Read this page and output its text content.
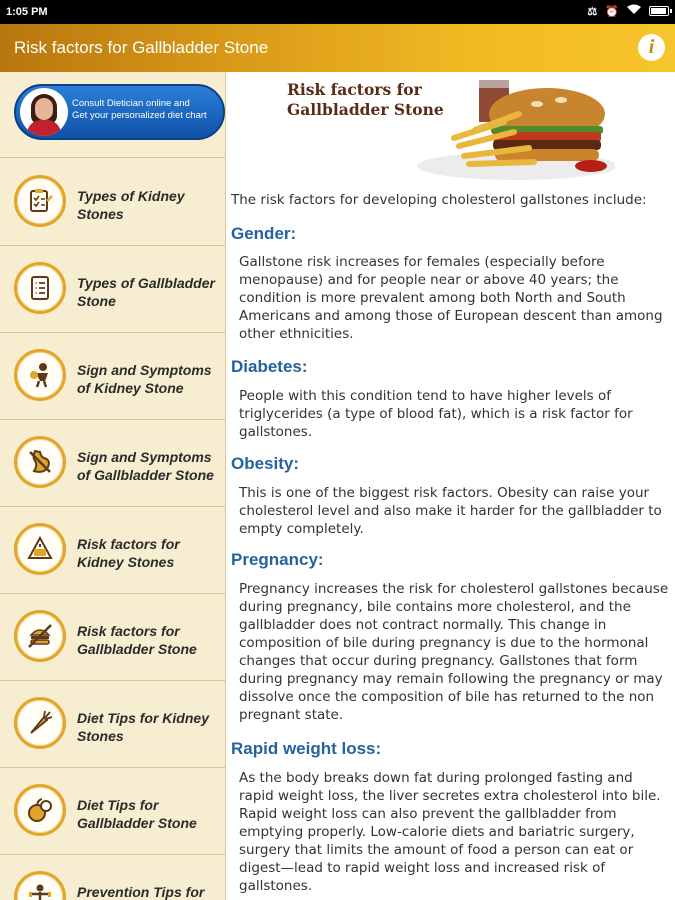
1:05 PM	⚖ ⏰
Risk factors for Gallbladder Stone	i
Consult Dietician online and
Get your personalized diet chart
Types of Kidney
Stones
Types of Gallbladder
Stone
Sign and Symptoms
of Kidney Stone
Sign and Symptoms
of Gallbladder Stone
Risk factors for
Kidney Stones
Risk factors for
Gallbladder Stone
Diet Tips for Kidney
Stones
Diet Tips for
Gallbladder Stone
Prevention Tips for
Risk factors for
Gallbladder Stone
The risk factors for developing cholesterol gallstones include:
Gender:
Gallstone risk increases for females (especially before menopause) and for people near or above 40 years; the condition is more prevalent among both North and South Americans and among those of European descent than among other ethnicities.
Diabetes:
People with this condition tend to have higher levels of triglycerides (a type of blood fat), which is a risk factor for gallstones.
Obesity:
This is one of the biggest risk factors. Obesity can raise your cholesterol level and also make it harder for the gallbladder to empty completely.
Pregnancy:
Pregnancy increases the risk for cholesterol gallstones because during pregnancy, bile contains more cholesterol, and the gallbladder does not contract normally. This change in composition of bile during pregnancy is due to the hormonal changes that occur during pregnancy. Gallstones that form during pregnancy may remain following the pregnancy or may dissolve once the composition of bile has returned to the non pregnant state.
Rapid weight loss:
As the body breaks down fat during prolonged fasting and rapid weight loss, the liver secretes extra cholesterol into bile. Rapid weight loss can also prevent the gallbladder from emptying properly. Low-calorie diets and bariatric surgery, surgery that limits the amount of food a person can eat or digest—lead to rapid weight loss and increased risk of gallstones.
